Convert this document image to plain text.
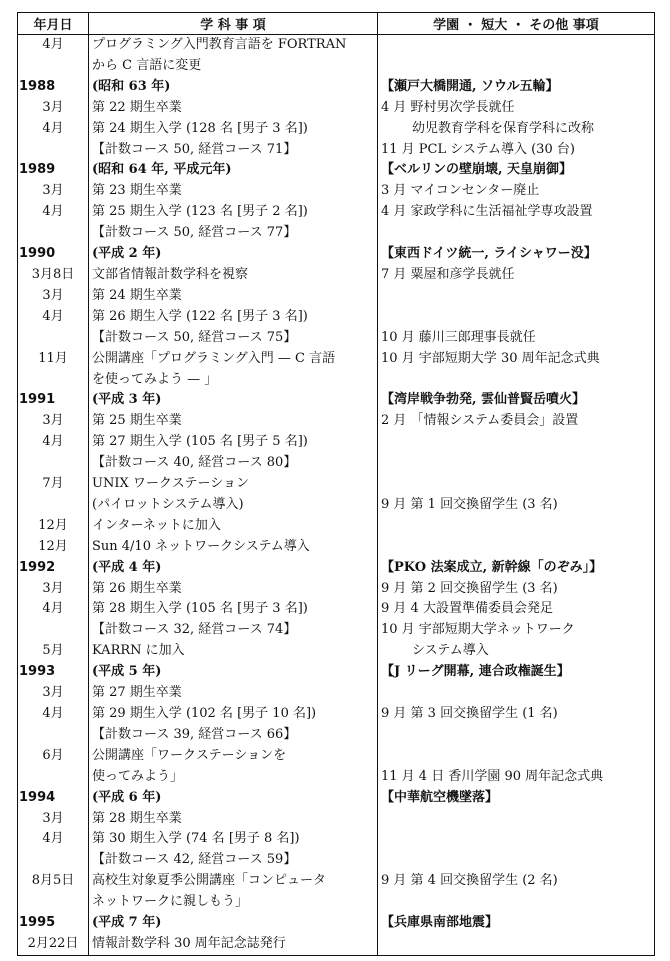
年月日	学 科 事 項	学園 ・ 短大 ・ その他 事項
4月	プログラミング入門教育言語を FORTRAN	
	から C 言語に変更	
1988	(昭和 63 年)	【瀬戸大橋開通, ソウル五輪】
3月	第 22 期生卒業	4 月 野村男次学長就任
4月	第 24 期生入学 (128 名 [男子 3 名])	幼児教育学科を保育学科に改称
	【計数コース 50, 経営コース 71】	11 月 PCL システム導入 (30 台)
1989	(昭和 64 年, 平成元年)	【ベルリンの壁崩壊, 天皇崩御】
3月	第 23 期生卒業	3 月 マイコンセンター廃止
4月	第 25 期生入学 (123 名 [男子 2 名])	4 月 家政学科に生活福祉学専攻設置
	【計数コース 50, 経営コース 77】	
1990	(平成 2 年)	【東西ドイツ統一, ライシャワー没】
3月8日	文部省情報計数学科を視察	7 月 粟屋和彦学長就任
3月	第 24 期生卒業	
4月	第 26 期生入学 (122 名 [男子 3 名])	
	【計数コース 50, 経営コース 75】	10 月 藤川三郎理事長就任
11月	公開講座「プログラミング入門 — C 言語	10 月 宇部短期大学 30 周年記念式典
	を使ってみよう — 」	
1991	(平成 3 年)	【湾岸戦争勃発, 雲仙普賢岳噴火】
3月	第 25 期生卒業	2 月 「情報システム委員会」設置
4月	第 27 期生入学 (105 名 [男子 5 名])	
	【計数コース 40, 経営コース 80】	
7月	UNIX ワークステーション	
	(パイロットシステム導入)	9 月 第 1 回交換留学生 (3 名)
12月	インターネットに加入	
12月	Sun 4/10 ネットワークシステム導入	
1992	(平成 4 年)	【PKO 法案成立, 新幹線「のぞみ」】
3月	第 26 期生卒業	9 月 第 2 回交換留学生 (3 名)
4月	第 28 期生入学 (105 名 [男子 3 名])	9 月 4 大設置準備委員会発足
	【計数コース 32, 経営コース 74】	10 月 宇部短期大学ネットワーク
5月	KARRN に加入	システム導入
1993	(平成 5 年)	【J リーグ開幕, 連合政権誕生】
3月	第 27 期生卒業	
4月	第 29 期生入学 (102 名 [男子 10 名])	9 月 第 3 回交換留学生 (1 名)
	【計数コース 39, 経営コース 66】	
6月	公開講座「ワークステーションを	
	使ってみよう」	11 月 4 日 香川学園 90 周年記念式典
1994	(平成 6 年)	【中華航空機墜落】
3月	第 28 期生卒業	
4月	第 30 期生入学 (74 名 [男子 8 名])	
	【計数コース 42, 経営コース 59】	
8月5日	高校生対象夏季公開講座「コンピュータ	9 月 第 4 回交換留学生 (2 名)
	ネットワークに親しもう」	
1995	(平成 7 年)	【兵庫県南部地震】
2月22日	情報計数学科 30 周年記念誌発行	
